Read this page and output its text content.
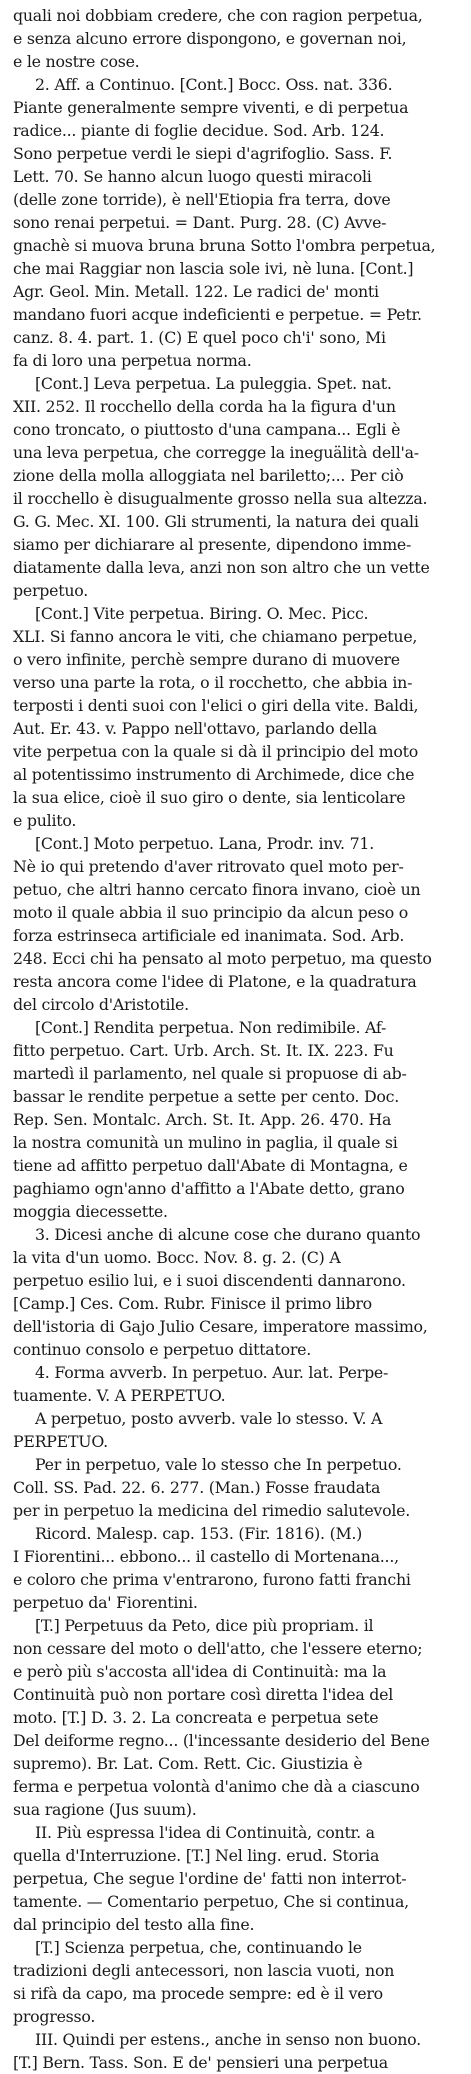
quali noi dobbiam credere, che con ragion perpetua,
e senza alcuno errore dispongono, e governan noi,
e le nostre cose.
2. Aff. a Continuo. [Cont.] Bocc. Oss. nat. 336.
Piante generalmente sempre viventi, e di perpetua
radice... piante di foglie decidue. Sod. Arb. 124.
Sono perpetue verdi le siepi d'agrifoglio. Sass. F.
Lett. 70. Se hanno alcun luogo questi miracoli
(delle zone torride), è nell'Etiopia fra terra, dove
sono renai perpetui. = Dant. Purg. 28. (C) Avve-
gnachè si muova bruna bruna Sotto l'ombra perpetua,
che mai Raggiar non lascia sole ivi, nè luna. [Cont.]
Agr. Geol. Min. Metall. 122. Le radici de' monti
mandano fuori acque indeficienti e perpetue. = Petr.
canz. 8. 4. part. 1. (C) E quel poco ch'i' sono, Mi
fa di loro una perpetua norma.
[Cont.] Leva perpetua. La puleggia. Spet. nat.
XII. 252. Il rocchello della corda ha la figura d'un
cono troncato, o piuttosto d'una campana... Egli è
una leva perpetua, che corregge la ineguälità dell'a-
zione della molla alloggiata nel bariletto;... Per ciò
il rocchello è disugualmente grosso nella sua altezza.
G. G. Mec. XI. 100. Gli strumenti, la natura dei quali
siamo per dichiarare al presente, dipendono imme-
diatamente dalla leva, anzi non son altro che un vette
perpetuo.
[Cont.] Vite perpetua. Biring. O. Mec. Picc.
XLI. Si fanno ancora le viti, che chiamano perpetue,
o vero infinite, perchè sempre durano di muovere
verso una parte la rota, o il rocchetto, che abbia in-
terposti i denti suoi con l'elici o giri della vite. Baldi,
Aut. Er. 43. v. Pappo nell'ottavo, parlando della
vite perpetua con la quale si dà il principio del moto
al potentissimo instrumento di Archimede, dice che
la sua elice, cioè il suo giro o dente, sia lenticolare
e pulito.
[Cont.] Moto perpetuo. Lana, Prodr. inv. 71.
Nè io qui pretendo d'aver ritrovato quel moto per-
petuo, che altri hanno cercato finora invano, cioè un
moto il quale abbia il suo principio da alcun peso o
forza estrinseca artificiale ed inanimata. Sod. Arb.
248. Ecci chi ha pensato al moto perpetuo, ma questo
resta ancora come l'idee di Platone, e la quadratura
del circolo d'Aristotile.
[Cont.] Rendita perpetua. Non redimibile. Af-
fitto perpetuo. Cart. Urb. Arch. St. It. IX. 223. Fu
martedì il parlamento, nel quale si propuose di ab-
bassar le rendite perpetue a sette per cento. Doc.
Rep. Sen. Montalc. Arch. St. It. App. 26. 470. Ha
la nostra comunità un mulino in paglia, il quale si
tiene ad affitto perpetuo dall'Abate di Montagna, e
paghiamo ogn'anno d'affitto a l'Abate detto, grano
moggia diecessette.
3. Dicesi anche di alcune cose che durano quanto
la vita d'un uomo. Bocc. Nov. 8. g. 2. (C) A
perpetuo esilio lui, e i suoi discendenti dannarono.
[Camp.] Ces. Com. Rubr. Finisce il primo libro
dell'istoria di Gajo Julio Cesare, imperatore massimo,
continuo consolo e perpetuo dittatore.
4. Forma avverb. In perpetuo. Aur. lat. Perpe-
tuamente. V. A PERPETUO.
A perpetuo, posto avverb. vale lo stesso. V. A
PERPETUO.
Per in perpetuo, vale lo stesso che In perpetuo.
Coll. SS. Pad. 22. 6. 277. (Man.) Fosse fraudata
per in perpetuo la medicina del rimedio salutevole.
Ricord. Malesp. cap. 153. (Fir. 1816). (M.)
I Fiorentini... ebbono... il castello di Mortenana...,
e coloro che prima v'entrarono, furono fatti franchi
perpetuo da' Fiorentini.
[T.] Perpetuus da Peto, dice più propriam. il
non cessare del moto o dell'atto, che l'essere eterno;
e però più s'accosta all'idea di Continuità: ma la
Continuità può non portare così diretta l'idea del
moto. [T.] D. 3. 2. La concreata e perpetua sete
Del deiforme regno... (l'incessante desiderio del Bene
supremo). Br. Lat. Com. Rett. Cic. Giustizia è
ferma e perpetua volontà d'animo che dà a ciascuno
sua ragione (Jus suum).
II. Più espressa l'idea di Continuità, contr. a
quella d'Interruzione. [T.] Nel ling. erud. Storia
perpetua, Che segue l'ordine de' fatti non interrot-
tamente. — Comentario perpetuo, Che si continua,
dal principio del testo alla fine.
[T.] Scienza perpetua, che, continuando le
tradizioni degli antecessori, non lascia vuoti, non
si rifà da capo, ma procede sempre: ed è il vero
progresso.
III. Quindi per estens., anche in senso non buono.
[T.] Bern. Tass. Son. E de' pensieri una perpetua
